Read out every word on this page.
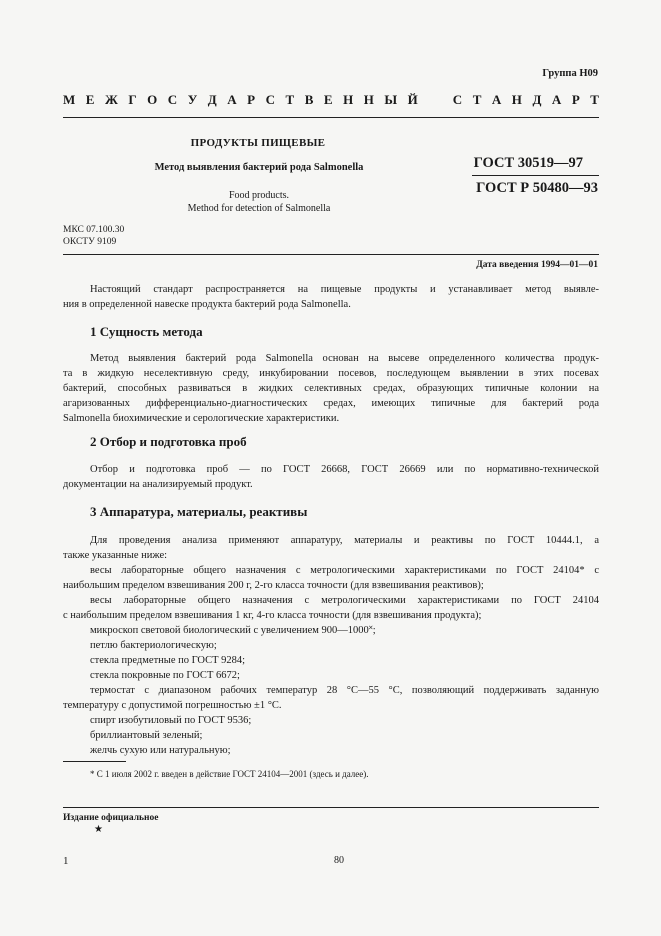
Группа Н09
М Е Ж Г О С У Д А Р С Т В Е Н Н Ы Й	С Т А Н Д А Р Т
ПРОДУКТЫ ПИЩЕВЫЕ
Метод выявления бактерий рода Salmonella
Food products.
Method for detection of Salmonella
ГОСТ 30519—97
ГОСТ Р 50480—93
МКС 07.100.30
ОКСТУ 9109
Дата введения 1994—01—01

Настоящий стандарт распространяется на пищевые продукты и устанавливает метод выявле-

ния в определенной навеске продукта бактерий рода Salmonella.

1 Сущность метода

Метод выявления бактерий рода Salmonella основан на высеве определенного количества продук-

та в жидкую неселективную среду, инкубировании посевов, последующем выявлении в этих посевах

бактерий, способных развиваться в жидких селективных средах, образующих типичные колонии на

агаризованных дифференциально-диагностических средах, имеющих типичные для бактерий рода

Salmonella биохимические и серологические характеристики.

2 Отбор и подготовка проб

Отбор и подготовка проб — по ГОСТ 26668, ГОСТ 26669 или по нормативно-технической

документации на анализируемый продукт.

3 Аппаратура, материалы, реактивы

Для проведения анализа применяют аппаратуру, материалы и реактивы по ГОСТ 10444.1, а

также указанные ниже:

весы лабораторные общего назначения с метрологическими характеристиками по ГОСТ 24104* с

наибольшим пределом взвешивания 200 г, 2-го класса точности (для взвешивания реактивов);

весы лабораторные общего назначения с метрологическими характеристиками по ГОСТ 24104

с наибольшим пределом взвешивания 1 кг, 4-го класса точности (для взвешивания продукта);

микроскоп световой биологический с увеличением 900—1000˟;

петлю бактериологическую;

стекла предметные по ГОСТ 9284;

стекла покровные по ГОСТ 6672;

термостат с диапазоном рабочих температур 28 °С—55 °С, позволяющий поддерживать заданную

температуру с допустимой погрешностью ±1 °С.

спирт изобутиловый по ГОСТ 9536;

бриллиантовый зеленый;

желчь сухую или натуральную;

* С 1 июля 2002 г. введен в действие ГОСТ 24104—2001 (здесь и далее).
Издание официальное
★
1	80
